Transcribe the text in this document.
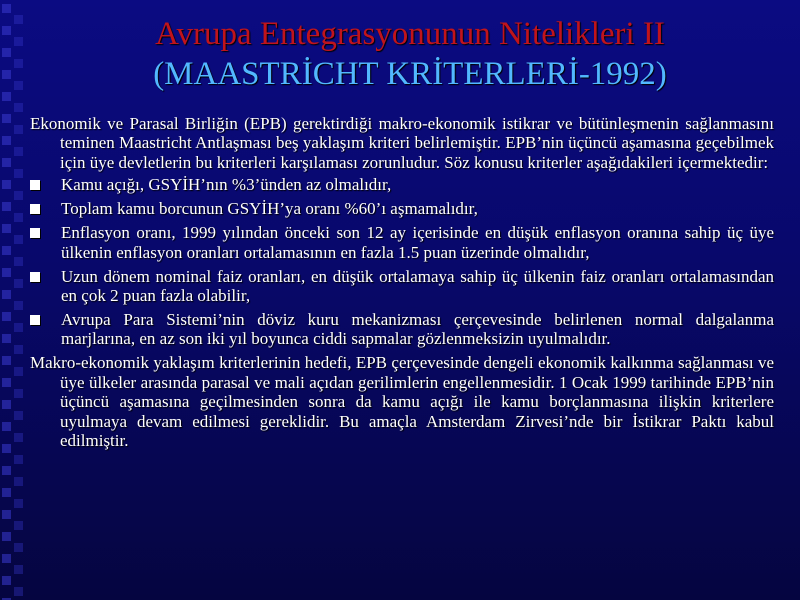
Avrupa Entegrasyonunun Nitelikleri II
(MAASTRİCHT KRİTERLERİ-1992)

Ekonomik ve Parasal Birliğin (EPB) gerektirdiği makro-ekonomik istikrar ve bütünleşmenin sağlanmasını teminen Maastricht Antlaşması beş yaklaşım kriteri belirlemiştir. EPB’nin üçüncü aşamasına geçebilmek için üye devletlerin bu kriterleri karşılaması zorunludur. Söz konusu kriterler aşağıdakileri içermektedir:

Kamu açığı, GSYİH’nın %3’ünden az olmalıdır,
Toplam kamu borcunun GSYİH’ya oranı %60’ı aşmamalıdır,
Enflasyon oranı, 1999 yılından önceki son 12 ay içerisinde en düşük enflasyon oranına sahip üç üye ülkenin enflasyon oranları ortalamasının en fazla 1.5 puan üzerinde olmalıdır,
Uzun dönem nominal faiz oranları, en düşük ortalamaya sahip üç ülkenin faiz oranları ortalamasından en çok 2 puan fazla olabilir,
Avrupa Para Sistemi’nin döviz kuru mekanizması çerçevesinde belirlenen normal dalgalanma marjlarına, en az son iki yıl boyunca ciddi sapmalar gözlenmeksizin uyulmalıdır.

Makro-ekonomik yaklaşım kriterlerinin hedefi, EPB çerçevesinde dengeli ekonomik kalkınma sağlanması ve üye ülkeler arasında parasal ve mali açıdan gerilimlerin engellenmesidir. 1 Ocak 1999 tarihinde EPB’nin üçüncü aşamasına geçilmesinden sonra da kamu açığı ile kamu borçlanmasına ilişkin kriterlere uyulmaya devam edilmesi gereklidir. Bu amaçla Amsterdam Zirvesi’nde bir İstikrar Paktı kabul edilmiştir.
